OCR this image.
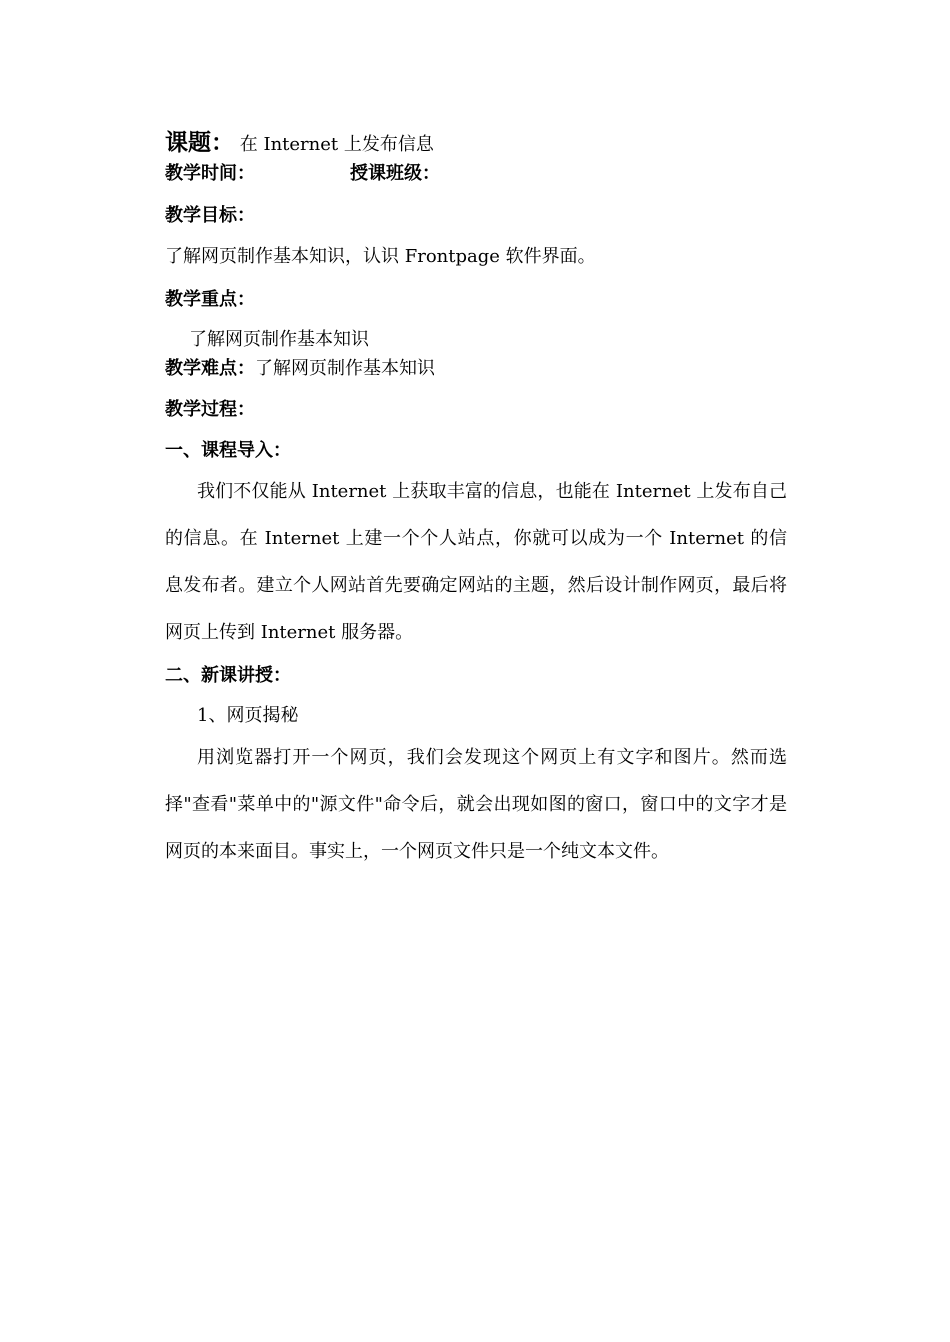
课题： 在 Internet 上发布信息
教学时间：	授课班级：
教学目标：
了解网页制作基本知识，认识 Frontpage 软件界面。
教学重点：
了解网页制作基本知识
教学难点：了解网页制作基本知识
教学过程：
一、课程导入：
我们不仅能从 Internet 上获取丰富的信息，也能在 Internet 上发布自己的信息。在 Internet 上建一个个人站点，你就可以成为一个 Internet 的信息发布者。建立个人网站首先要确定网站的主题，然后设计制作网页，最后将网页上传到 Internet 服务器。
二、新课讲授：
1、网页揭秘
用浏览器打开一个网页，我们会发现这个网页上有文字和图片。然而选择"查看"菜单中的"源文件"命令后，就会出现如图的窗口，窗口中的文字才是网页的本来面目。事实上，一个网页文件只是一个纯文本文件。
